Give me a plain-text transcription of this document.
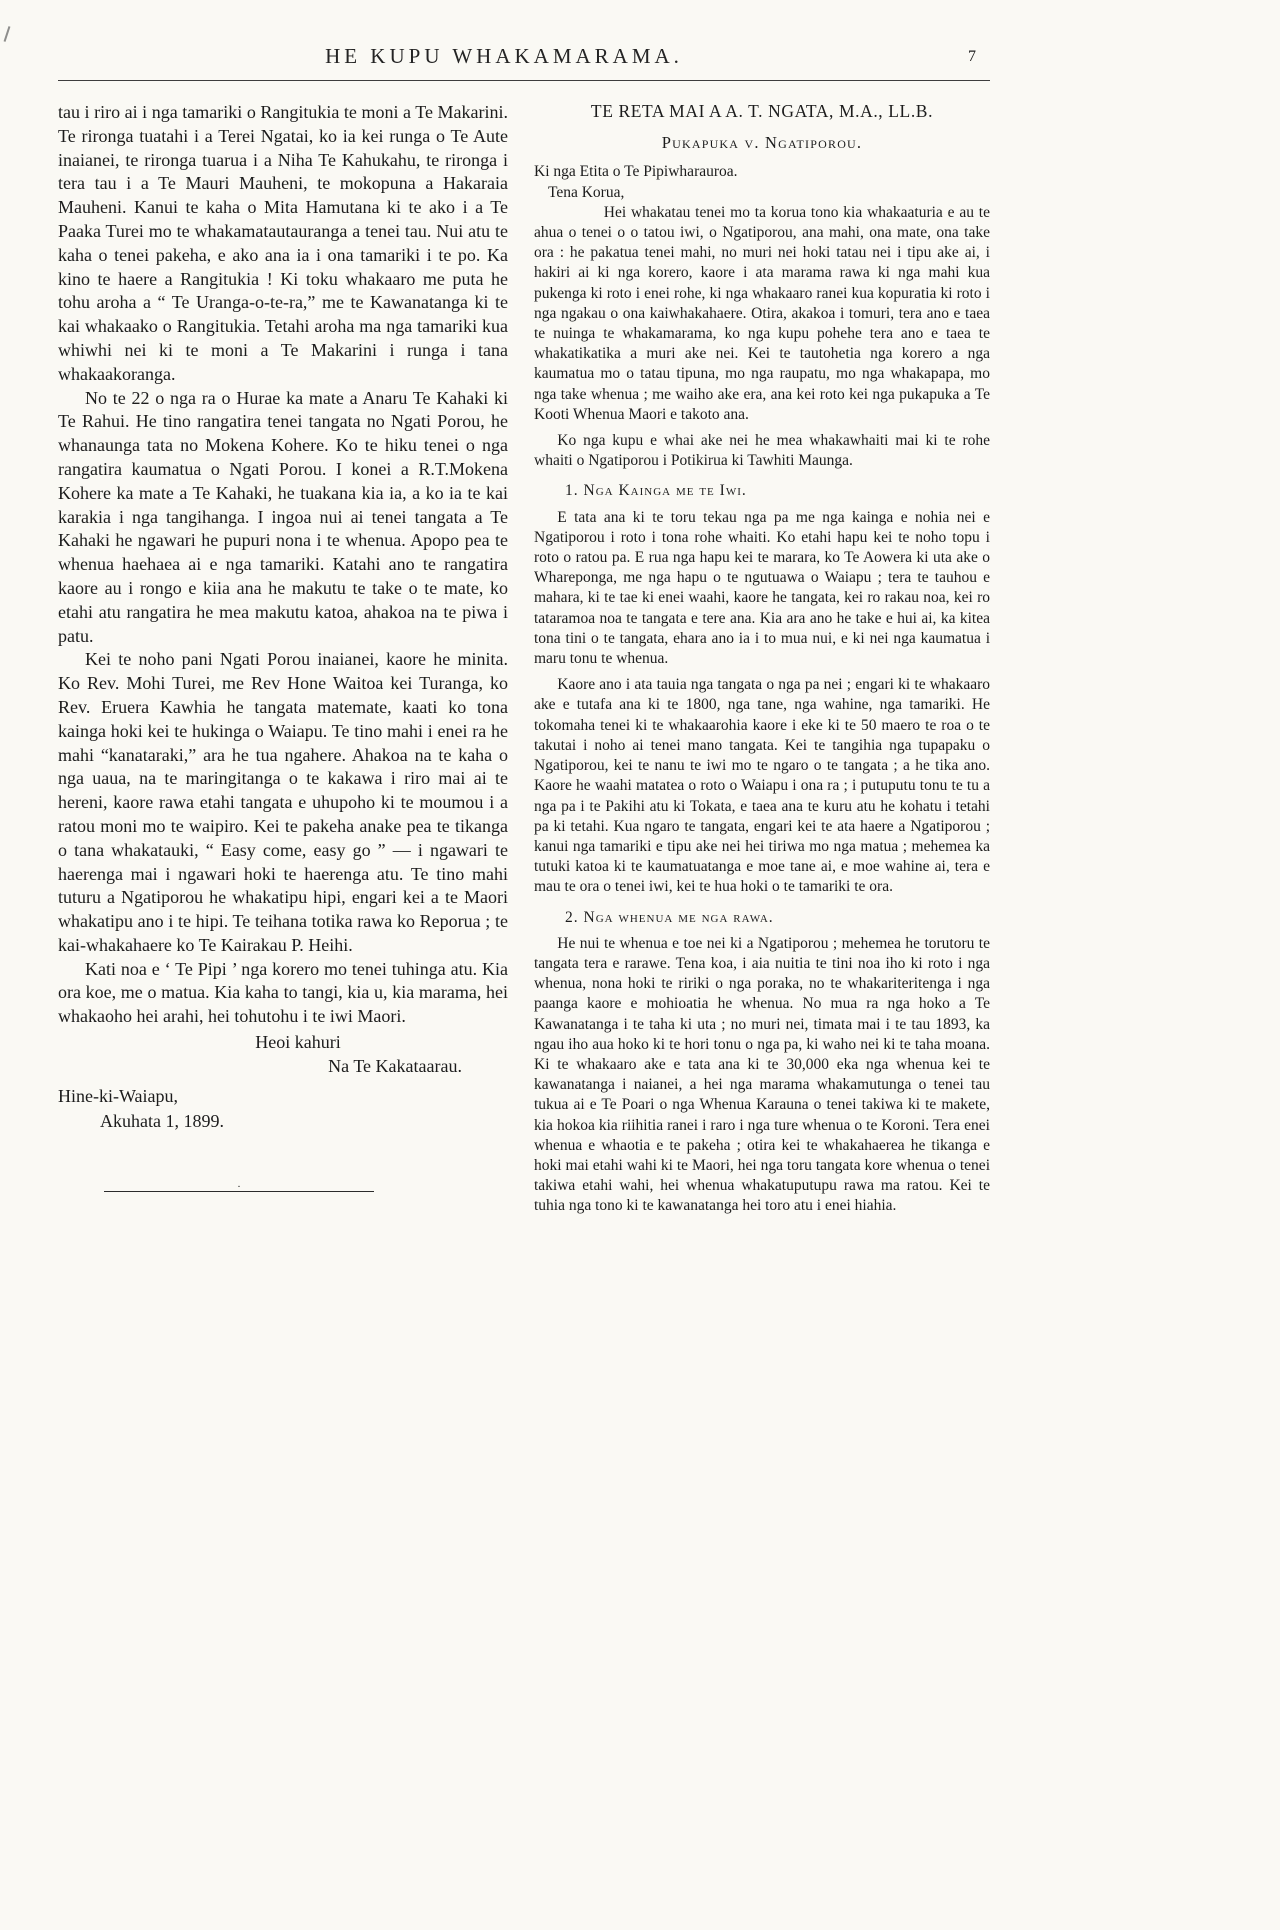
HE KUPU WHAKAMARAMA.	7

tau i riro ai i nga tamariki o Rangitukia te moni a Te Makarini. Te rironga tuatahi i a Terei Ngatai, ko ia kei runga o Te Aute inaianei, te rironga tuarua i a Niha Te Kahukahu, te rironga i tera tau i a Te Mauri Mauheni, te mokopuna a Hakaraia Mauheni. Kanui te kaha o Mita Hamutana ki te ako i a Te Paaka Turei mo te whakamatautauranga a tenei tau. Nui atu te kaha o tenei pakeha, e ako ana ia i ona tamariki i te po. Ka kino te haere a Rangitukia ! Ki toku whakaaro me puta he tohu aroha a “ Te Uranga-o-te-ra,” me te Kawanatanga ki te kai whakaako o Rangitukia. Tetahi aroha ma nga tamariki kua whiwhi nei ki te moni a Te Makarini i runga i tana whakaakoranga.

No te 22 o nga ra o Hurae ka mate a Anaru Te Kahaki ki Te Rahui. He tino rangatira tenei tangata no Ngati Porou, he whanaunga tata no Mokena Kohere. Ko te hiku tenei o nga rangatira kaumatua o Ngati Porou. I konei a R.T.Mokena Kohere ka mate a Te Kahaki, he tuakana kia ia, a ko ia te kai karakia i nga tangihanga. I ingoa nui ai tenei tangata a Te Kahaki he ngawari he pupuri nona i te whenua. Apopo pea te whenua haehaea ai e nga tamariki. Katahi ano te rangatira kaore au i rongo e kiia ana he makutu te take o te mate, ko etahi atu rangatira he mea makutu katoa, ahakoa na te piwa i patu.

Kei te noho pani Ngati Porou inaianei, kaore he minita. Ko Rev. Mohi Turei, me Rev Hone Waitoa kei Turanga, ko Rev. Eruera Kawhia he tangata matemate, kaati ko tona kainga hoki kei te hukinga o Waiapu. Te tino mahi i enei ra he mahi “kanataraki,” ara he tua ngahere. Ahakoa na te kaha o nga uaua, na te maringitanga o te kakawa i riro mai ai te hereni, kaore rawa etahi tangata e uhupoho ki te moumou i a ratou moni mo te waipiro. Kei te pakeha anake pea te tikanga o tana whakatauki, “ Easy come, easy go ” — i ngawari te haerenga mai i ngawari hoki te haerenga atu. Te tino mahi tuturu a Ngatiporou he whakatipu hipi, engari kei a te Maori whakatipu ano i te hipi. Te teihana totika rawa ko Reporua ; te kai-whakahaere ko Te Kairakau P. Heihi.

Kati noa e ‘ Te Pipi ’ nga korero mo tenei tuhinga atu. Kia ora koe, me o matua. Kia kaha to tangi, kia u, kia marama, hei whakaoho hei arahi, hei tohutohu i te iwi Maori.

Heoi kahuri

Na Te Kakataarau.

Hine-ki-Waiapu,

Akuhata 1, 1899.

.

TE RETA MAI A A. T. NGATA, M.A., LL.B.

Pukapuka v. Ngatiporou.

Ki nga Etita o Te Pipiwharauroa.

Tena Korua,

Hei whakatau tenei mo ta korua tono kia whakaaturia e au te ahua o tenei o o tatou iwi, o Ngatiporou, ana mahi, ona mate, ona take ora : he pakatua tenei mahi, no muri nei hoki tatau nei i tipu ake ai, i hakiri ai ki nga korero, kaore i ata marama rawa ki nga mahi kua pukenga ki roto i enei rohe, ki nga whakaaro ranei kua kopuratia ki roto i nga ngakau o ona kaiwhakahaere. Otira, akakoa i tomuri, tera ano e taea te nuinga te whakamarama, ko nga kupu pohehe tera ano e taea te whakatikatika a muri ake nei. Kei te tautohetia nga korero a nga kaumatua mo o tatau tipuna, mo nga raupatu, mo nga whakapapa, mo nga take whenua ; me waiho ake era, ana kei roto kei nga pukapuka a Te Kooti Whenua Maori e takoto ana.

Ko nga kupu e whai ake nei he mea whakawhaiti mai ki te rohe whaiti o Ngatiporou i Potikirua ki Tawhiti Maunga.

1. Nga Kainga me te Iwi.

E tata ana ki te toru tekau nga pa me nga kainga e nohia nei e Ngatiporou i roto i tona rohe whaiti. Ko etahi hapu kei te noho topu i roto o ratou pa. E rua nga hapu kei te marara, ko Te Aowera ki uta ake o Whareponga, me nga hapu o te ngutuawa o Waiapu ; tera te tauhou e mahara, ki te tae ki enei waahi, kaore he tangata, kei ro rakau noa, kei ro tataramoa noa te tangata e tere ana. Kia ara ano he take e hui ai, ka kitea tona tini o te tangata, ehara ano ia i to mua nui, e ki nei nga kaumatua i maru tonu te whenua.

Kaore ano i ata tauia nga tangata o nga pa nei ; engari ki te whakaaro ake e tutafa ana ki te 1800, nga tane, nga wahine, nga tamariki. He tokomaha tenei ki te whakaarohia kaore i eke ki te 50 maero te roa o te takutai i noho ai tenei mano tangata. Kei te tangihia nga tupapaku o Ngatiporou, kei te nanu te iwi mo te ngaro o te tangata ; a he tika ano. Kaore he waahi matatea o roto o Waiapu i ona ra ; i putuputu tonu te tu a nga pa i te Pakihi atu ki Tokata, e taea ana te kuru atu he kohatu i tetahi pa ki tetahi. Kua ngaro te tangata, engari kei te ata haere a Ngatiporou ; kanui nga tamariki e tipu ake nei hei tiriwa mo nga matua ; mehemea ka tutuki katoa ki te kaumatuatanga e moe tane ai, e moe wahine ai, tera e mau te ora o tenei iwi, kei te hua hoki o te tamariki te ora.

2. Nga whenua me nga rawa.

He nui te whenua e toe nei ki a Ngatiporou ; mehemea he torutoru te tangata tera e rarawe. Tena koa, i aia nuitia te tini noa iho ki roto i nga whenua, nona hoki te ririki o nga poraka, no te whakariteritenga i nga paanga kaore e mohioatia he whenua. No mua ra nga hoko a Te Kawanatanga i te taha ki uta ; no muri nei, timata mai i te tau 1893, ka ngau iho aua hoko ki te hori tonu o nga pa, ki waho nei ki te taha moana. Ki te whakaaro ake e tata ana ki te 30,000 eka nga whenua kei te kawanatanga i naianei, a hei nga marama whakamutunga o tenei tau tukua ai e Te Poari o nga Whenua Karauna o tenei takiwa ki te makete, kia hokoa kia riihitia ranei i raro i nga ture whenua o te Koroni. Tera enei whenua e whaotia e te pakeha ; otira kei te whakahaerea he tikanga e hoki mai etahi wahi ki te Maori, hei nga toru tangata kore whenua o tenei takiwa etahi wahi, hei whenua whakatuputupu rawa ma ratou. Kei te tuhia nga tono ki te kawanatanga hei toro atu i enei hiahia.
